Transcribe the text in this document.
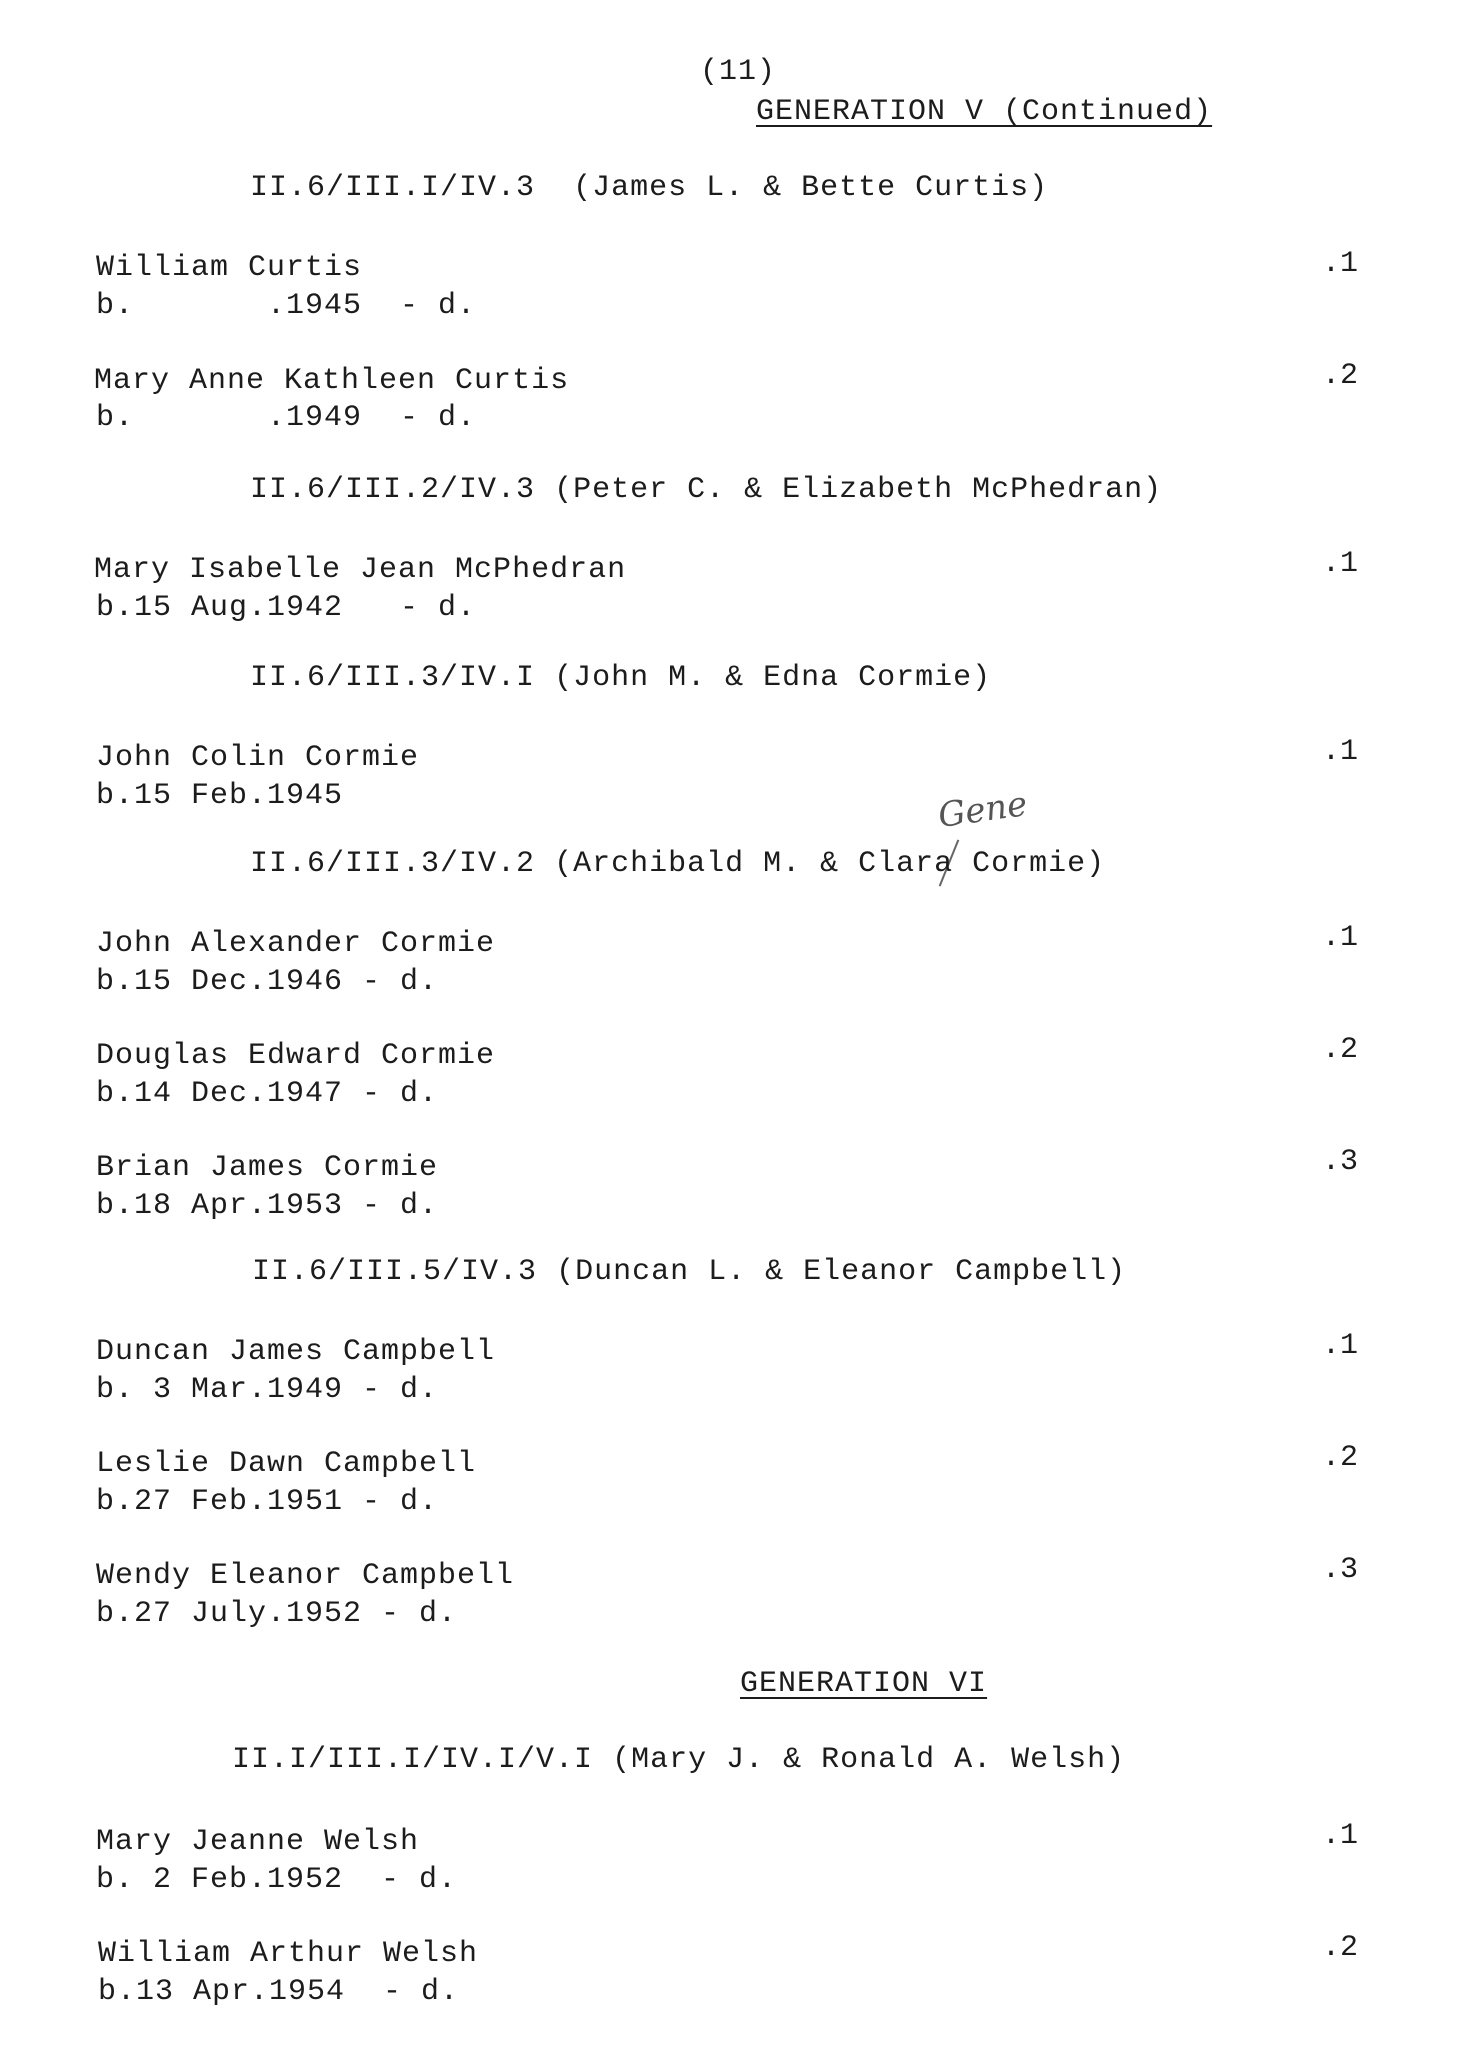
(11)
GENERATION V (Continued)
II.6/III.I/IV.3 (James L. & Bette Curtis)
William Curtis
b.       .1945  - d.
.1
Mary Anne Kathleen Curtis
b.       .1949  - d.
.2
II.6/III.2/IV.3 (Peter C. & Elizabeth McPhedran)
Mary Isabelle Jean McPhedran
b.15 Aug.1942   - d.
.1
II.6/III.3/IV.I (John M. & Edna Cormie)
John Colin Cormie
b.15 Feb.1945
.1
Gene
II.6/III.3/IV.2 (Archibald M. & Clara Cormie)
John Alexander Cormie
b.15 Dec.1946 - d.
.1
Douglas Edward Cormie
b.14 Dec.1947 - d.
.2
Brian James Cormie
b.18 Apr.1953 - d.
.3
II.6/III.5/IV.3 (Duncan L. & Eleanor Campbell)
Duncan James Campbell
b. 3 Mar.1949 - d.
.1
Leslie Dawn Campbell
b.27 Feb.1951 - d.
.2
Wendy Eleanor Campbell
b.27 July.1952 - d.
.3
GENERATION VI
II.I/III.I/IV.I/V.I (Mary J. & Ronald A. Welsh)
Mary Jeanne Welsh
b. 2 Feb.1952  - d.
.1
William Arthur Welsh
b.13 Apr.1954  - d.
.2
